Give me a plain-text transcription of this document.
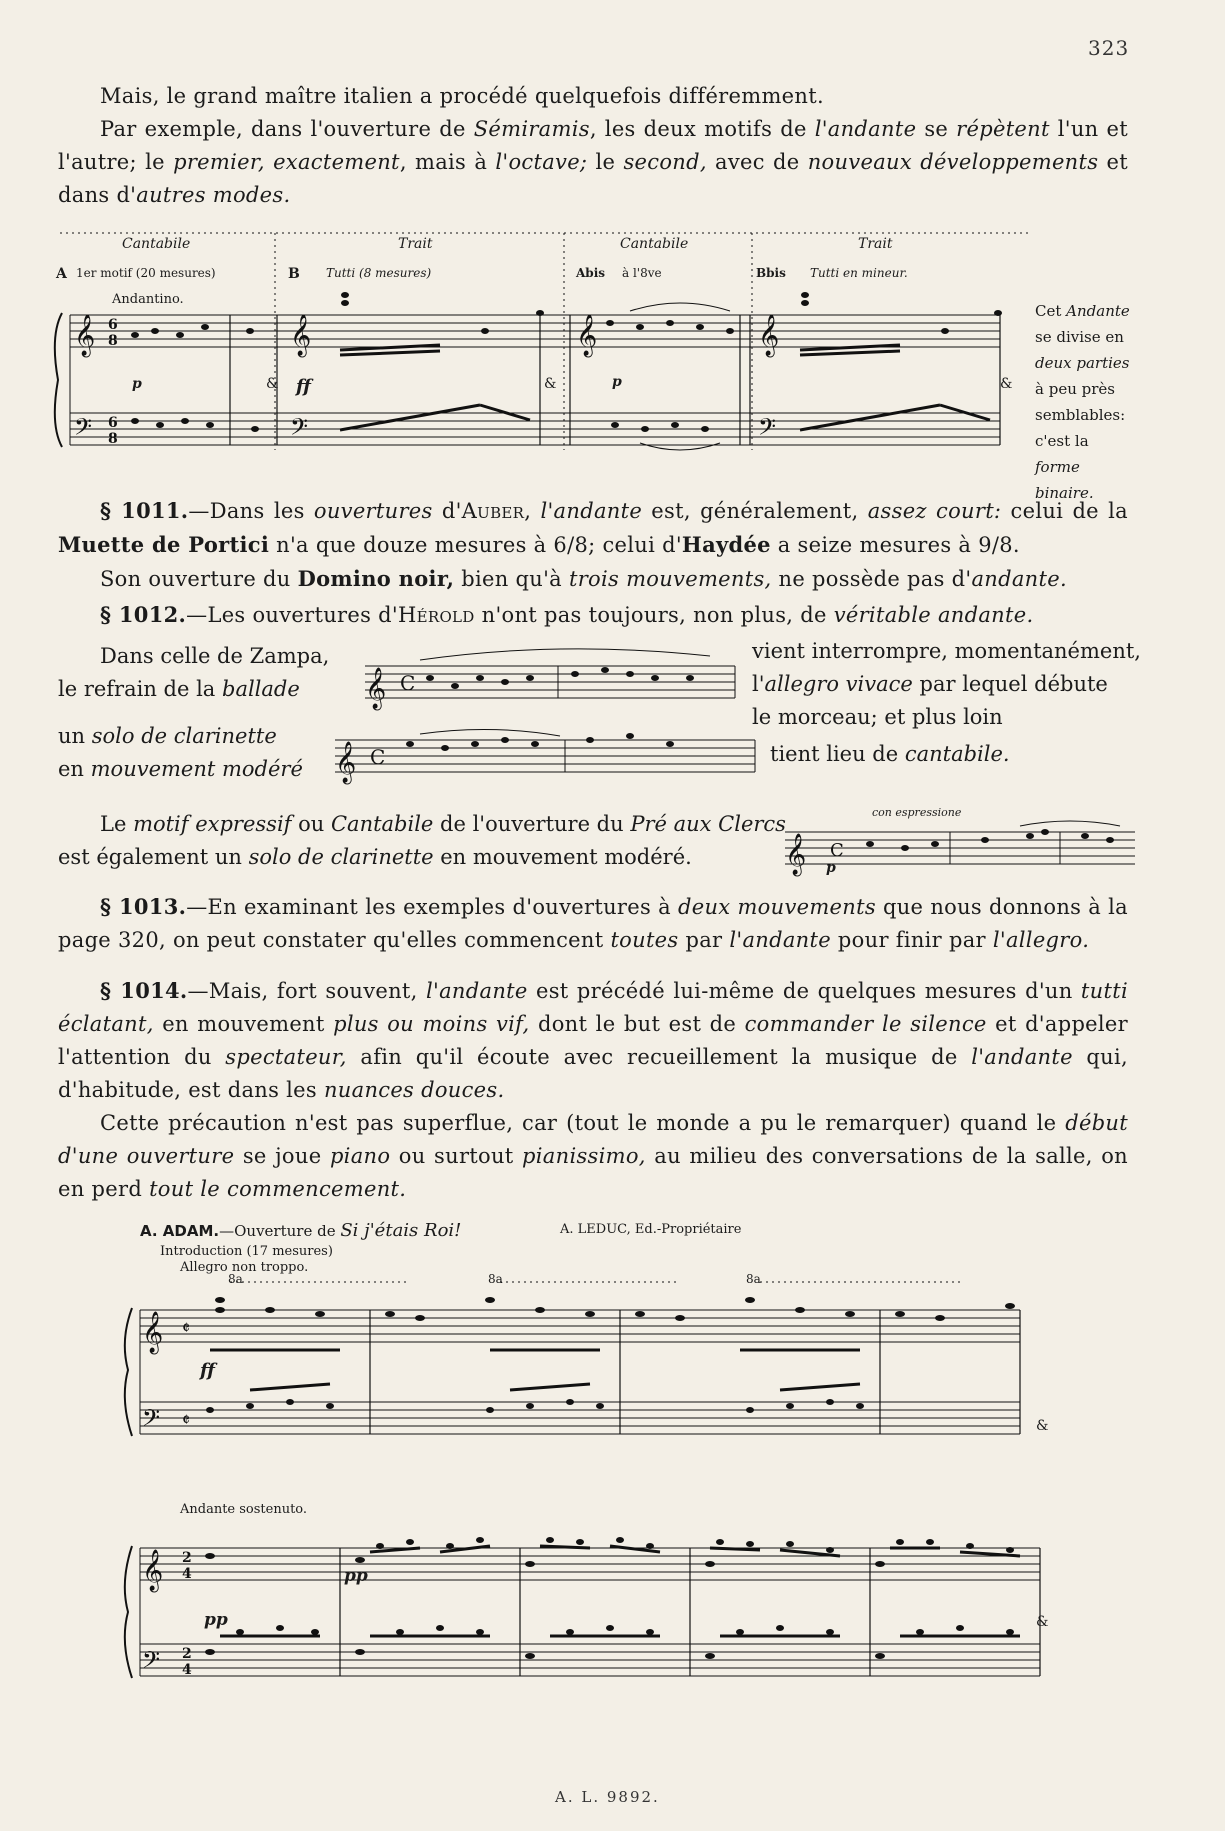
323
Mais, le grand maître italien a procédé quelquefois différemment.
Par exemple, dans l'ouverture de Sémiramis, les deux motifs de l'andante se répètent l'un et l'autre; le premier, exactement, mais à l'octave; le second, avec de nouveaux développements et dans d'autres modes.
Cantabile	Trait	Cantabile	Trait
A 1er motif (20 mesures)	B Tutti (8 mesures)	Abis à l'8ve	Bbis Tutti en mineur.
Andantino.
𝄞
𝄢
𝄞
𝄢
𝄞	𝄞
𝄢
6
8
6
8
p	ff	p
&	&	&
Cet Andante se divise en deux parties à peu près semblables: c'est la forme binaire.
§ 1011.—Dans les ouvertures d'Auber, l'andante est, généralement, assez court: celui de la Muette de Portici n'a que douze mesures à 6/8; celui d'Haydée a seize mesures à 9/8.
Son ouverture du Domino noir, bien qu'à trois mouvements, ne possède pas d'andante.
§ 1012.—Les ouvertures d'Hérold n'ont pas toujours, non plus, de véritable andante.
Dans celle de Zampa,
le refrain de la ballade 𝄞 C
vient interrompre, momentanément,
l'allegro vivace par lequel débute
le morceau; et plus loin
un solo de clarinette
en mouvement modéré 𝄞 C	tient lieu de cantabile.
Le motif expressif ou Cantabile de l'ouverture du Pré aux Clercs
est également un solo de clarinette en mouvement modéré.
con espressione
𝄞 C
p
§ 1013.—En examinant les exemples d'ouvertures à deux mouvements que nous donnons à la page 320, on peut constater qu'elles commencent toutes par l'andante pour finir par l'allegro.
§ 1014.—Mais, fort souvent, l'andante est précédé lui-même de quelques mesures d'un tutti éclatant, en mouvement plus ou moins vif, dont le but est de commander le silence et d'appeler l'attention du spectateur, afin qu'il écoute avec recueillement la musique de l'andante qui, d'habitude, est dans les nuances douces.
Cette précaution n'est pas superflue, car (tout le monde a pu le remarquer) quand le début d'une ouverture se joue piano ou surtout pianissimo, au milieu des conversations de la salle, on en perd tout le commencement.
A. ADAM.—Ouverture de Si j'étais Roi!	A. LEDUC, Ed.-Propriétaire
Introduction (17 mesures)
Allegro non troppo.
𝄞
𝄢
𝄵
𝄵
8a	8a	8a
ff
&
Andante sostenuto.
𝄞
𝄢
2
4
2
4
pp
pp
&
A. L. 9892.
